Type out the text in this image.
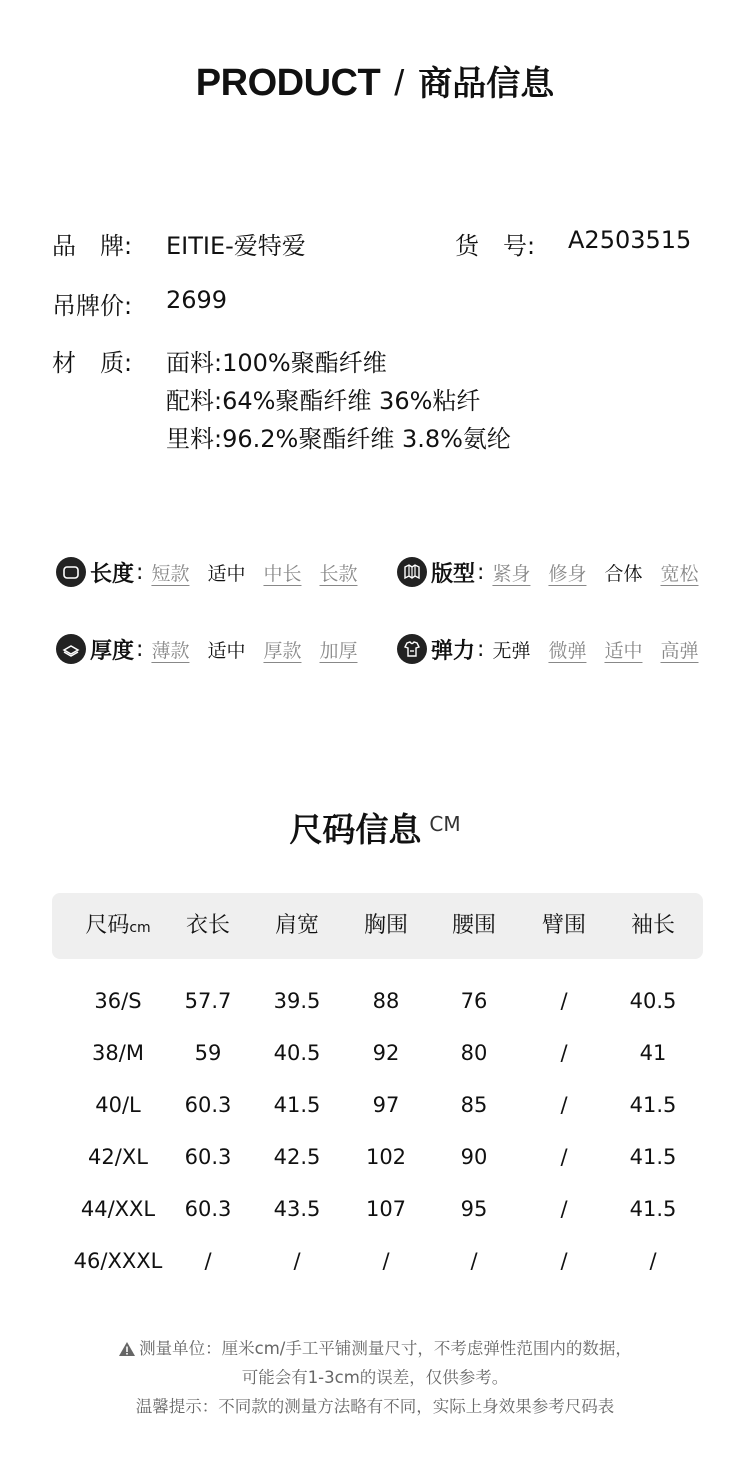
PRODUCT / 商品信息
品　牌: EITIE-爱特爱	货　号: A2503515
吊牌价: 2699
材　质: 面料:100%聚酯纤维
配料:64%聚酯纤维 36%粘纤
里料:96.2%聚酯纤维 3.8%氨纶
长度 : 短款 适中 中长 长款	版型 : 紧身 修身 合体 宽松
厚度 : 薄款 适中 厚款 加厚	弹力 : 无弹 微弹 适中 高弹
尺码信息 CM
尺码cm	衣长	肩宽	胸围	腰围	臂围	袖长
36/S	57.7	39.5	88	76	/	40.5
38/M	59	40.5	92	80	/	41
40/L	60.3	41.5	97	85	/	41.5
42/XL	60.3	42.5	102	90	/	41.5
44/XXL	60.3	43.5	107	95	/	41.5
46/XXXL	/	/	/	/	/	/
测量单位：厘米cm/手工平铺测量尺寸，不考虑弹性范围内的数据，
可能会有1-3cm的误差，仅供参考。
温馨提示：不同款的测量方法略有不同，实际上身效果参考尺码表
